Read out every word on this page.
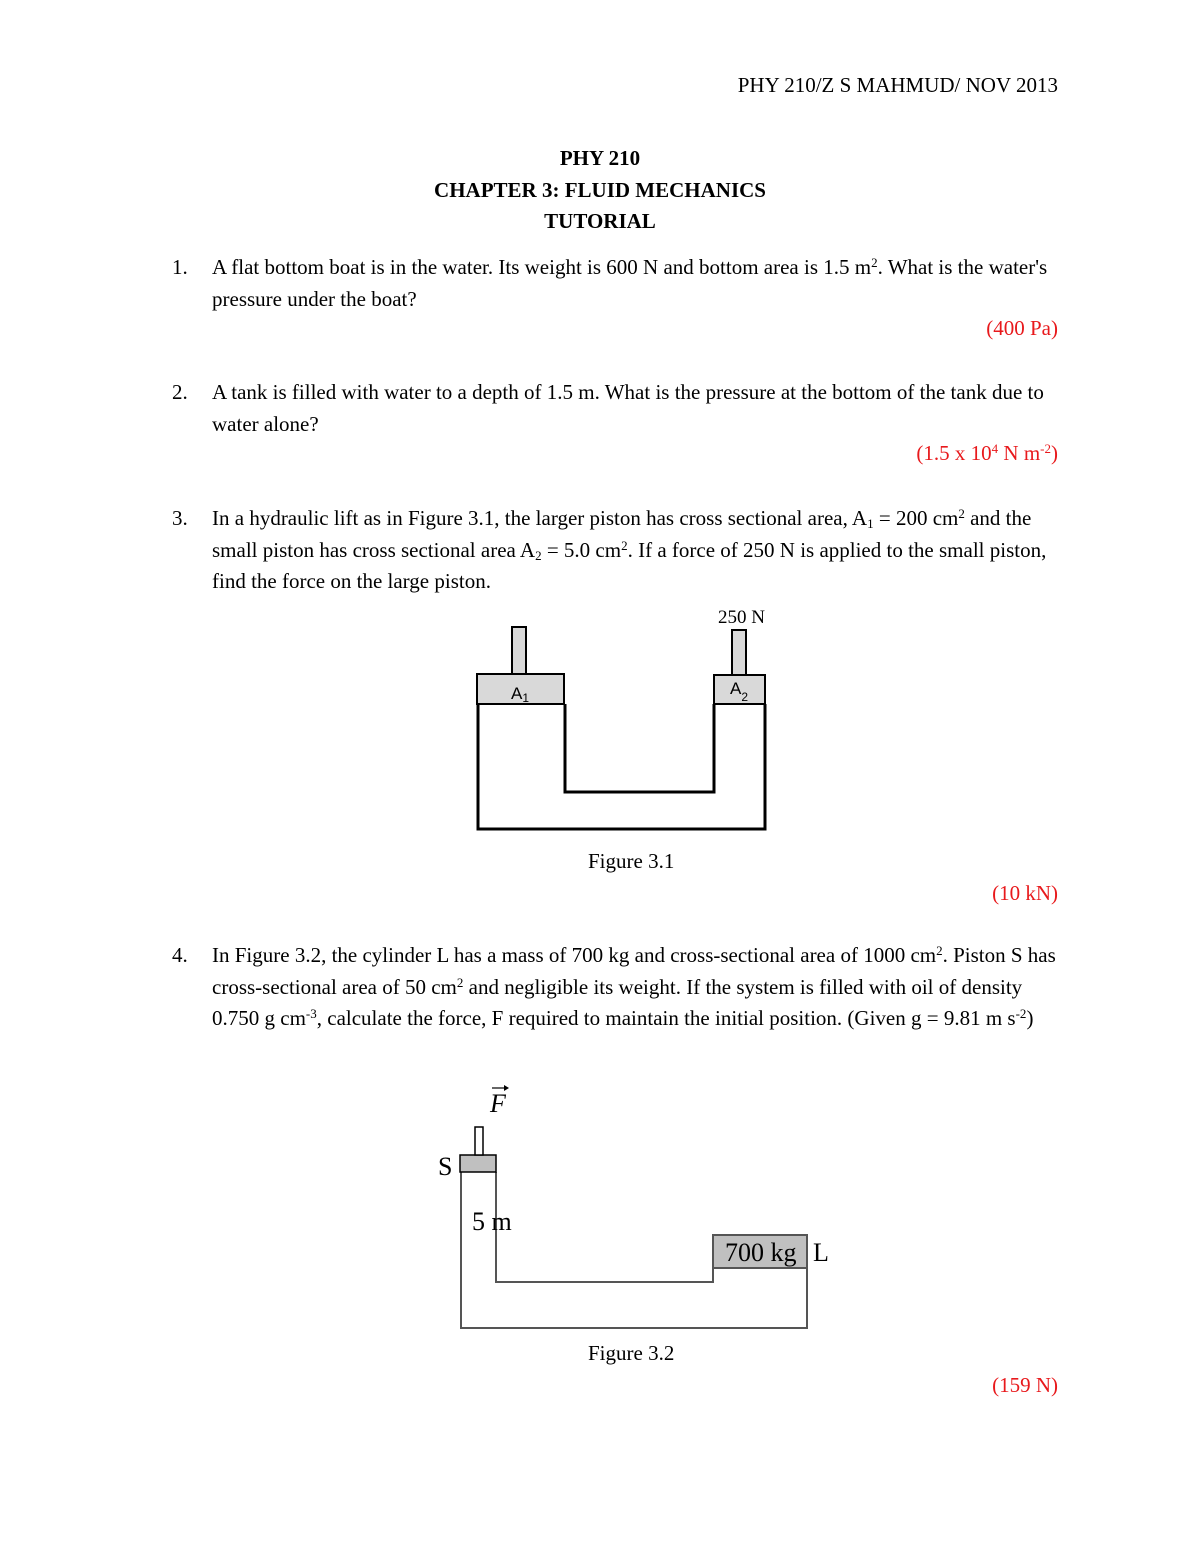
PHY 210/Z S MAHMUD/ NOV 2013
PHY 210
CHAPTER 3: FLUID MECHANICS
TUTORIAL
1. A flat bottom boat is in the water. Its weight is 600 N and bottom area is 1.5 $m^2$. What is the water's pressure under the boat?
(400 Pa)
2. A tank is filled with water to a depth of 1.5 m. What is the pressure at the bottom of the tank due to water alone?
(1.5 x $10^4$ N $m^{-2}$)
3. In a hydraulic lift as in Figure 3.1, the larger piston has cross sectional area, $A_1 = 200$ $cm^2$ and the small piston has cross sectional area $A_2 = 5.0$ $cm^2$. If a force of 250 N is applied to the small piston, find the force on the large piston.
A1	$A_2$
250 N
Figure 3.1
(10 kN)
4. In Figure 3.2, the cylinder L has a mass of 700 kg and cross-sectional area of 1000 $cm^2$. Piston S has cross-sectional area of 50 $cm^2$ and negligible its weight. If the system is filled with oil of density 0.750 g $cm^{-3}$, calculate the force, F required to maintain the initial position. (Given g = 9.81 m $s^{-2}$)
F
S
5 m
700 kg L
Figure 3.2
(159 N)
